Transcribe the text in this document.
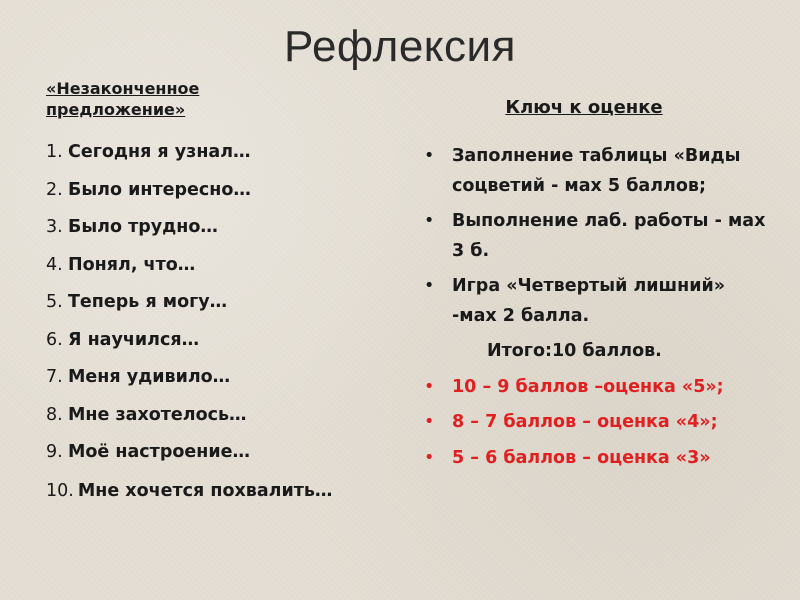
Рефлексия
«Незаконченное предложение»
1. Сегодня я узнал…
2. Было интересно…
3. Было трудно…
4. Понял, что…
5. Теперь я могу…
6. Я научился…
7. Меня удивило…
8. Мне захотелось…
9. Моё настроение…
10. Мне хочется похвалить…
Ключ к оценке
•	Заполнение таблицы «Виды соцветий - мах 5 баллов;
•	Выполнение лаб. работы - мах 3 б.
•	Игра «Четвертый лишний» -мах 2 балла.
Итого:10 баллов.
•	10 – 9 баллов –оценка «5»;
•	8 – 7 баллов – оценка «4»;
•	5 – 6 баллов – оценка «3»
